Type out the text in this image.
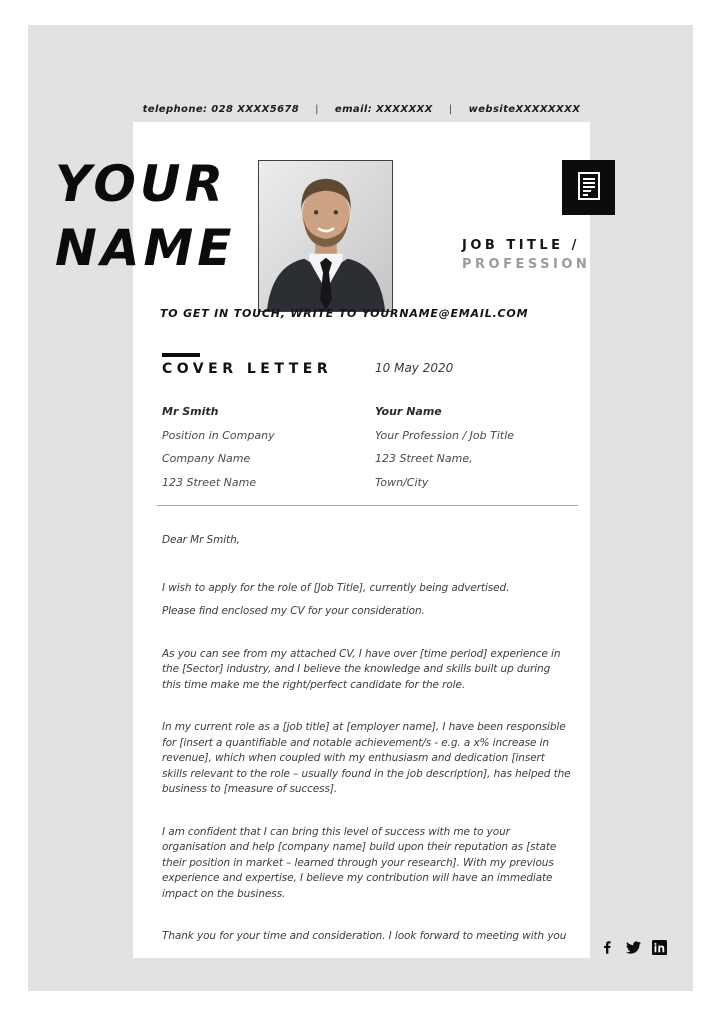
telephone: 028 XXXX5678 | email: XXXXXXX | websiteXXXXXXXX
YOUR
NAME	JOB TITLE /
TO GET IN TOUCH, WRITE TO YOURNAME@EMAIL.COM
COVER LETTER	10 May 2020
Mr Smith
Position in Company
Company Name
123 Street Name
Your Name
Your Profession / Job Title
123 Street Name,
Town/City

Dear Mr Smith,

I wish to apply for the role of [Job Title], currently being advertised.

Please find enclosed my CV for your consideration.

As you can see from my attached CV, I have over [time period] experience in the [Sector] industry, and I believe the knowledge and skills built up during this time make me the right/perfect candidate for the role.

In my current role as a [job title] at [employer name], I have been responsible for [insert a quantifiable and notable achievement/s - e.g. a x% increase in revenue], which when coupled with my enthusiasm and dedication [insert skills relevant to the role – usually found in the job description], has helped the business to [measure of success].

I am confident that I can bring this level of success with me to your organisation and help [company name] build upon their reputation as [state their position in market – learned through your research]. With my previous experience and expertise, I believe my contribution will have an immediate impact on the business.

Thank you for your time and consideration. I look forward to meeting with you
